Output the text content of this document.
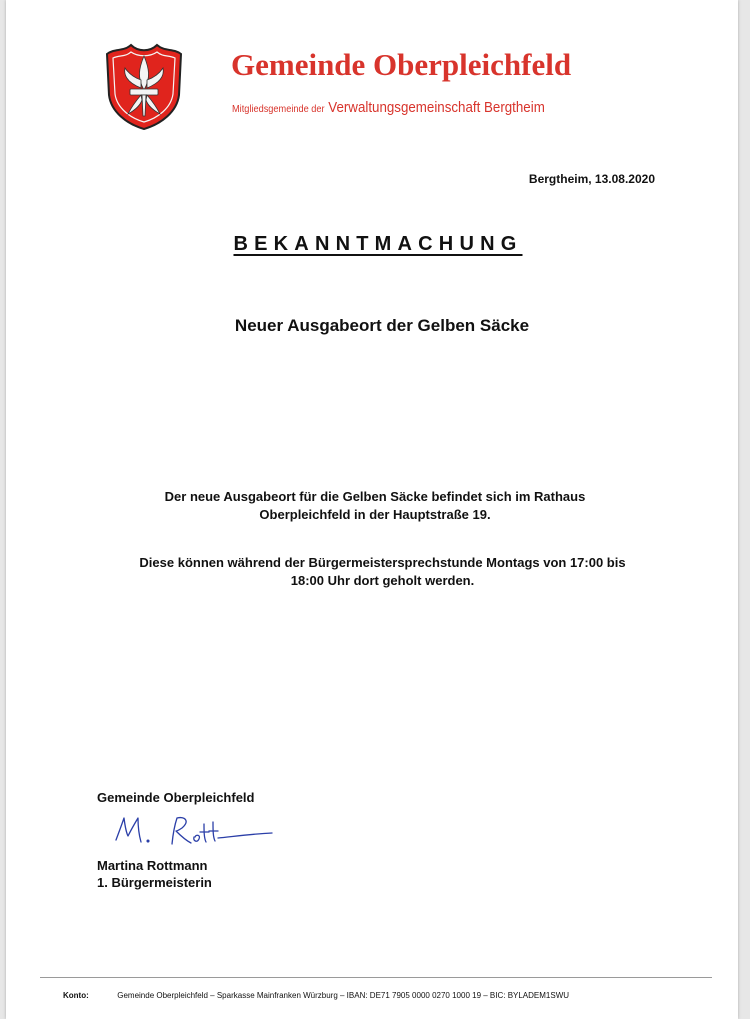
Gemeinde Oberpleichfeld
Mitgliedsgemeinde der Verwaltungsgemeinschaft Bergtheim
Bergtheim, 13.08.2020
BEKANNTMACHUNG
Neuer Ausgabeort der Gelben Säcke
Der neue Ausgabeort für die Gelben Säcke befindet sich im Rathaus
Oberpleichfeld in der Hauptstraße 19.
Diese können während der Bürgermeistersprechstunde Montags von 17:00 bis
18:00 Uhr dort geholt werden.
Gemeinde Oberpleichfeld
Martina Rottmann
1. Bürgermeisterin
Konto:	Gemeinde Oberpleichfeld – Sparkasse Mainfranken Würzburg – IBAN: DE71 7905 0000 0270 1000 19 – BIC: BYLADEM1SWU
